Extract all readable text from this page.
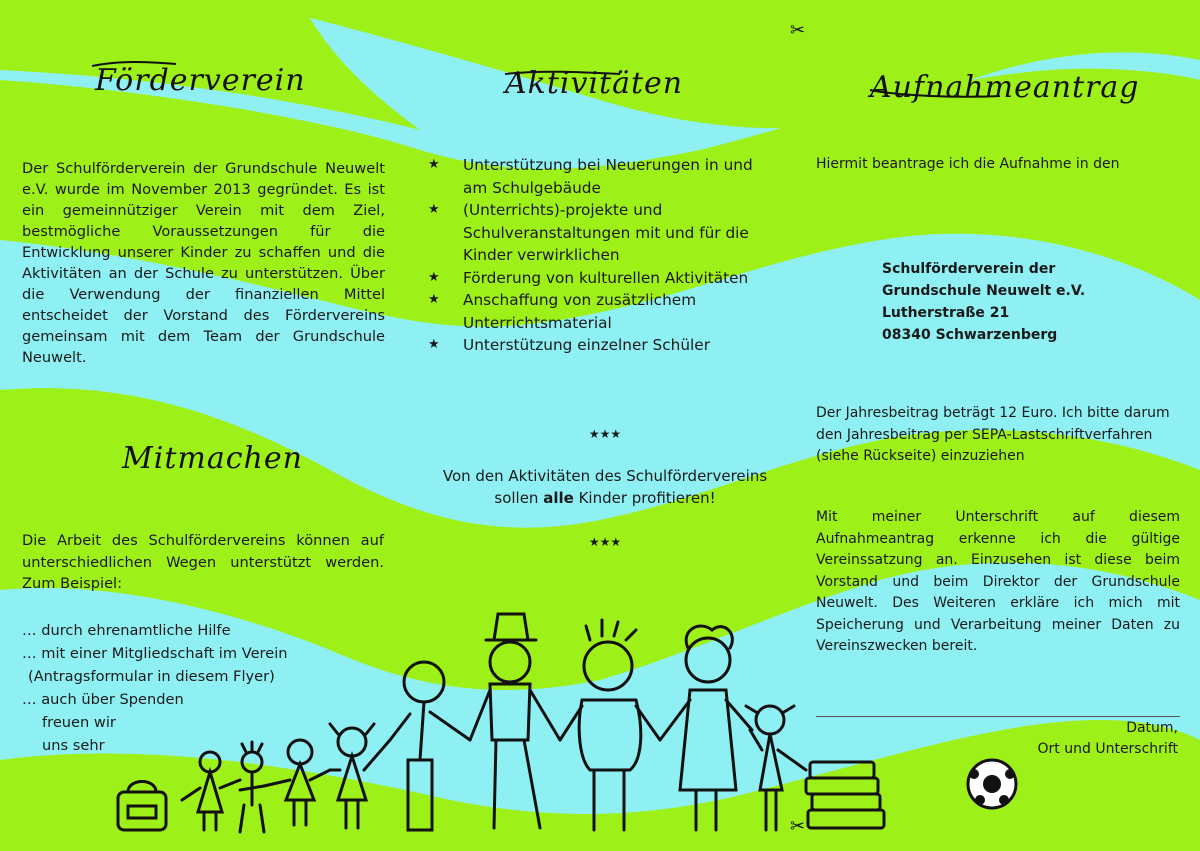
✂
✂
Förderverein	Aktivitäten	Aufnahmeantrag
Mitmachen
Der Schulförderverein der Grundschule Neuwelt e.V. wurde im November 2013 gegründet. Es ist ein gemeinnütziger Verein mit dem Ziel, bestmögliche Voraussetzungen für die Entwicklung unserer Kinder zu schaffen und die Aktivitäten an der Schule zu unterstützen. Über die Verwendung der finanziellen Mittel entscheidet der Vorstand des Fördervereins gemeinsam mit dem Team der Grundschule Neuwelt.
Die Arbeit des Schulfördervereins können auf unterschiedlichen Wegen unterstützt werden. Zum Beispiel:
… durch ehrenamtliche Hilfe
… mit einer Mitgliedschaft im Verein
(Antragsformular in diesem Flyer)
… auch über Spenden
freuen wir
uns sehr
★ Unterstützung bei Neuerungen in und am Schulgebäude
★ (Unterrichts)-projekte und Schulveranstaltungen mit und für die Kinder verwirklichen
★ Förderung von kulturellen Aktivitäten
★ Anschaffung von zusätzlichem Unterrichtsmaterial
★ Unterstützung einzelner Schüler
★★★
Von den Aktivitäten des Schulfördervereins
sollen alle Kinder profitieren!
★★★
Hiermit beantrage ich die Aufnahme in den
Schulförderverein der
Grundschule Neuwelt e.V.
Lutherstraße 21
08340 Schwarzenberg
Der Jahresbeitrag beträgt 12 Euro. Ich bitte darum den Jahresbeitrag per SEPA-Lastschriftverfahren (siehe Rückseite) einzuziehen
Mit meiner Unterschrift auf diesem Aufnahmeantrag erkenne ich die gültige Vereinssatzung an. Einzusehen ist diese beim Vorstand und beim Direktor der Grundschule Neuwelt. Des Weiteren erkläre ich mich mit Speicherung und Verarbeitung meiner Daten zu Vereinszwecken bereit.
Datum,
Ort und Unterschrift
